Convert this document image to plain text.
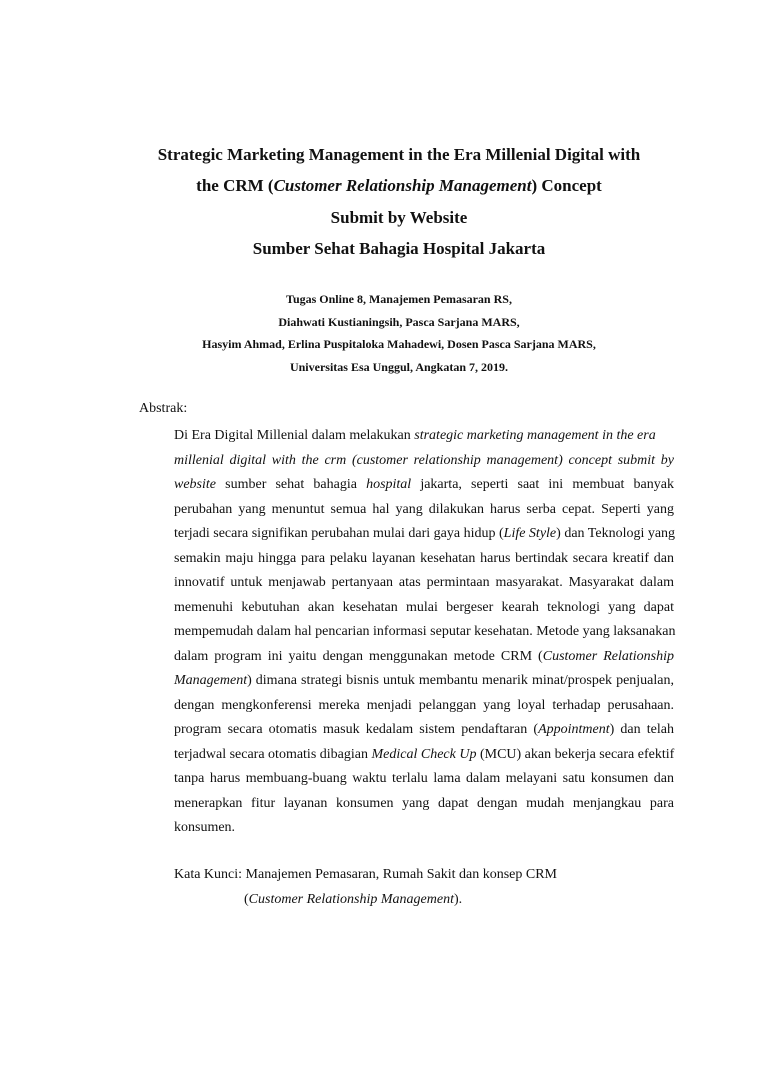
Strategic Marketing Management in the Era Millenial Digital with
the CRM (Customer Relationship Management) Concept
Submit by Website
Sumber Sehat Bahagia Hospital Jakarta
Tugas Online 8, Manajemen Pemasaran RS,
Diahwati Kustianingsih, Pasca Sarjana MARS,
Hasyim Ahmad, Erlina Puspitaloka Mahadewi, Dosen Pasca Sarjana MARS,
Universitas Esa Unggul, Angkatan 7, 2019.
Abstrak:
Di Era Digital Millenial dalam melakukan strategic marketing management in the era
millenial digital with the crm (customer relationship management) concept submit by
website sumber sehat bahagia hospital jakarta, seperti saat ini membuat banyak
perubahan yang menuntut semua hal yang dilakukan harus serba cepat. Seperti yang
terjadi secara signifikan perubahan mulai dari gaya hidup (Life Style) dan Teknologi yang
semakin maju hingga para pelaku layanan kesehatan harus bertindak secara kreatif dan
innovatif untuk menjawab pertanyaan atas permintaan masyarakat. Masyarakat dalam
memenuhi kebutuhan akan kesehatan mulai bergeser kearah teknologi yang dapat
mempemudah dalam hal pencarian informasi seputar kesehatan. Metode yang laksanakan
dalam program ini yaitu dengan menggunakan metode CRM (Customer Relationship
Management) dimana strategi bisnis untuk membantu menarik minat/prospek penjualan,
dengan mengkonferensi mereka menjadi pelanggan yang loyal terhadap perusahaan.
program secara otomatis masuk kedalam sistem pendaftaran (Appointment) dan telah
terjadwal secara otomatis dibagian Medical Check Up (MCU) akan bekerja secara efektif
tanpa harus membuang-buang waktu terlalu lama dalam melayani satu konsumen dan
menerapkan fitur layanan konsumen yang dapat dengan mudah menjangkau para
konsumen.
Kata Kunci: Manajemen Pemasaran, Rumah Sakit dan konsep CRM
(Customer Relationship Management).
